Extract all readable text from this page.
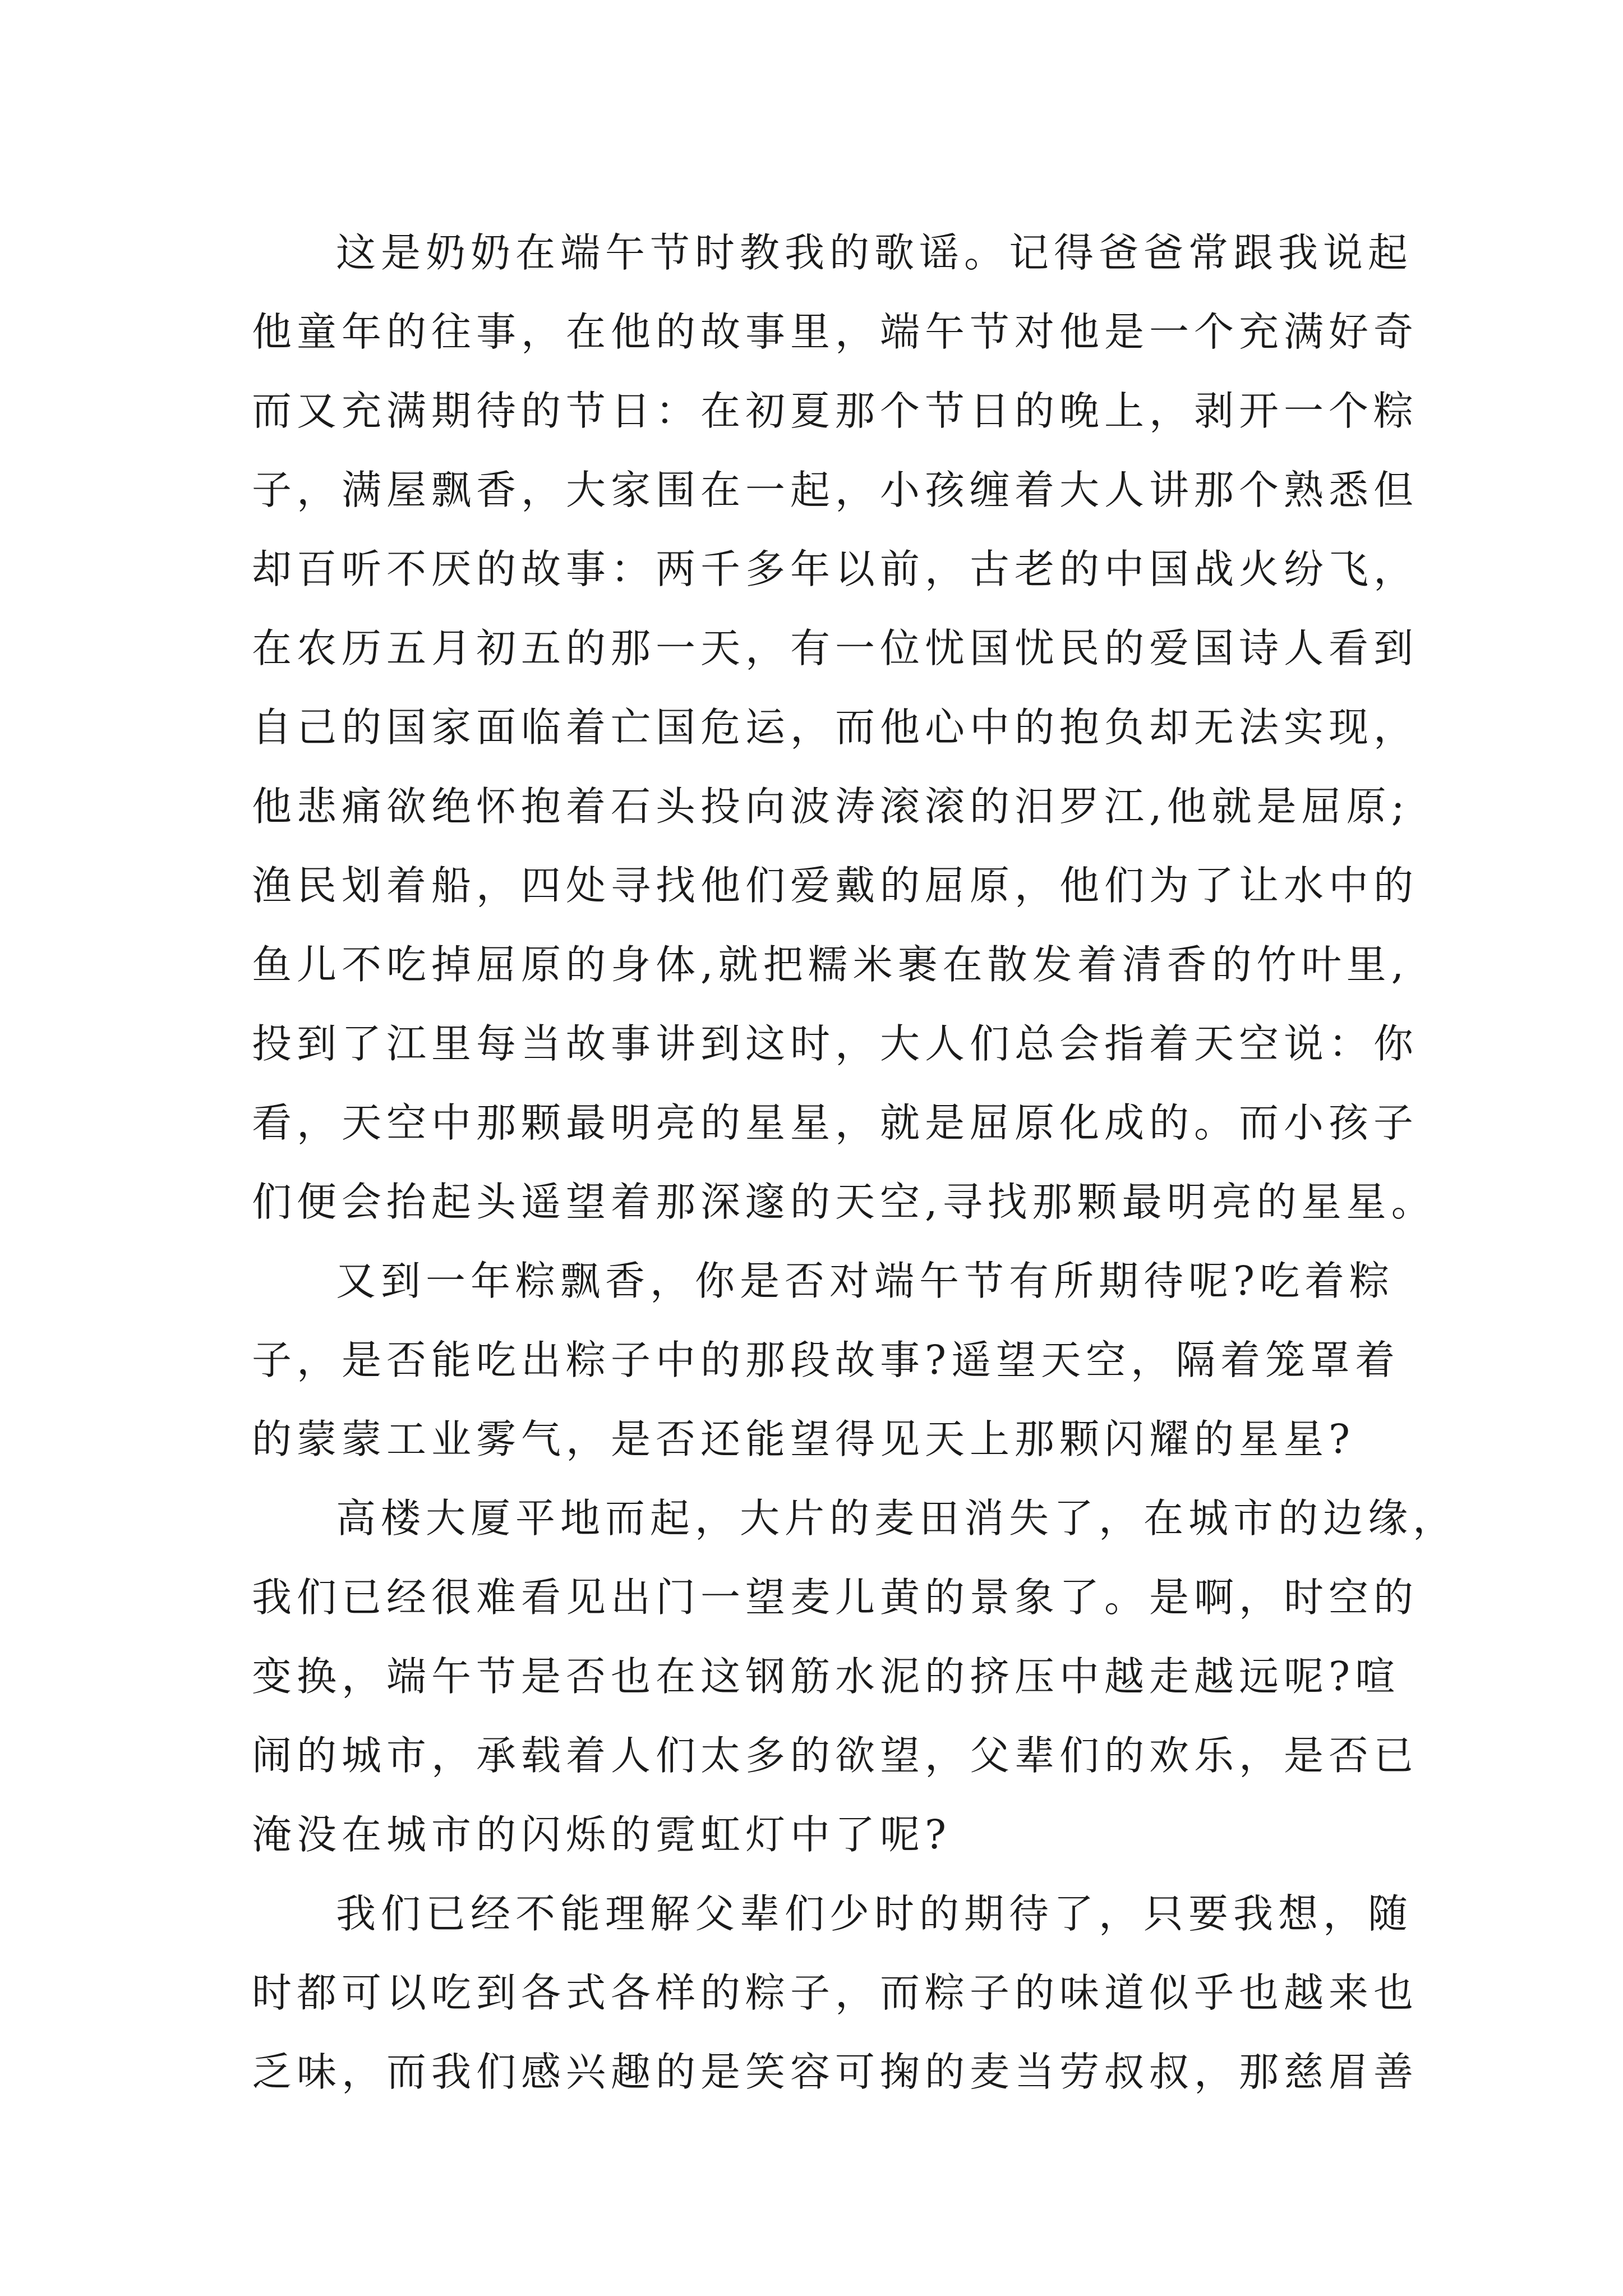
这是奶奶在端午节时教我的歌谣。记得爸爸常跟我说起
他童年的往事，在他的故事里，端午节对他是一个充满好奇
而又充满期待的节日：在初夏那个节日的晚上，剥开一个粽
子，满屋飘香，大家围在一起，小孩缠着大人讲那个熟悉但
却百听不厌的故事：两千多年以前，古老的中国战火纷飞，
在农历五月初五的那一天，有一位忧国忧民的爱国诗人看到
自己的国家面临着亡国危运，而他心中的抱负却无法实现，
他悲痛欲绝怀抱着石头投向波涛滚滚的汨罗江,他就是屈原;
渔民划着船，四处寻找他们爱戴的屈原，他们为了让水中的
鱼儿不吃掉屈原的身体,就把糯米裹在散发着清香的竹叶里,
投到了江里每当故事讲到这时，大人们总会指着天空说：你
看，天空中那颗最明亮的星星，就是屈原化成的。而小孩子
们便会抬起头遥望着那深邃的天空,寻找那颗最明亮的星星。
又到一年粽飘香，你是否对端午节有所期待呢?吃着粽
子，是否能吃出粽子中的那段故事?遥望天空，隔着笼罩着
的蒙蒙工业雾气，是否还能望得见天上那颗闪耀的星星?
高楼大厦平地而起，大片的麦田消失了，在城市的边缘，
我们已经很难看见出门一望麦儿黄的景象了。是啊，时空的
变换，端午节是否也在这钢筋水泥的挤压中越走越远呢?喧
闹的城市，承载着人们太多的欲望，父辈们的欢乐，是否已
淹没在城市的闪烁的霓虹灯中了呢?
我们已经不能理解父辈们少时的期待了，只要我想，随
时都可以吃到各式各样的粽子，而粽子的味道似乎也越来也
乏味，而我们感兴趣的是笑容可掬的麦当劳叔叔，那慈眉善
